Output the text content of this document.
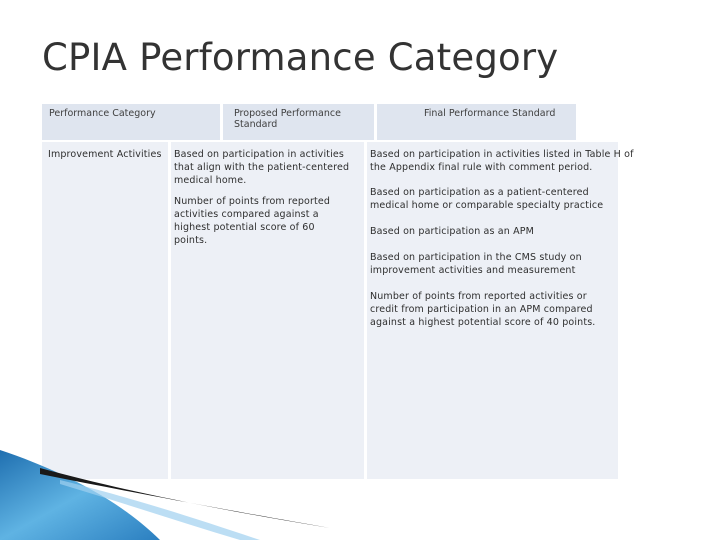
CPIA Performance Category
Performance Category	Proposed Performance Standard
Final Performance Standard
Improvement Activities Based on participation in activities that align with the patient-centered medical home.
Number of points from reported activities compared against a highest potential score of 60 points.
Based on participation in activities listed in Table H of the Appendix final rule with comment period.
Based on participation as a patient-centered medical home or comparable specialty practice
Based on participation as an APM
Based on participation in the CMS study on improvement activities and measurement
Number of points from reported activities or credit from participation in an APM compared against a highest potential score of 40 points.
